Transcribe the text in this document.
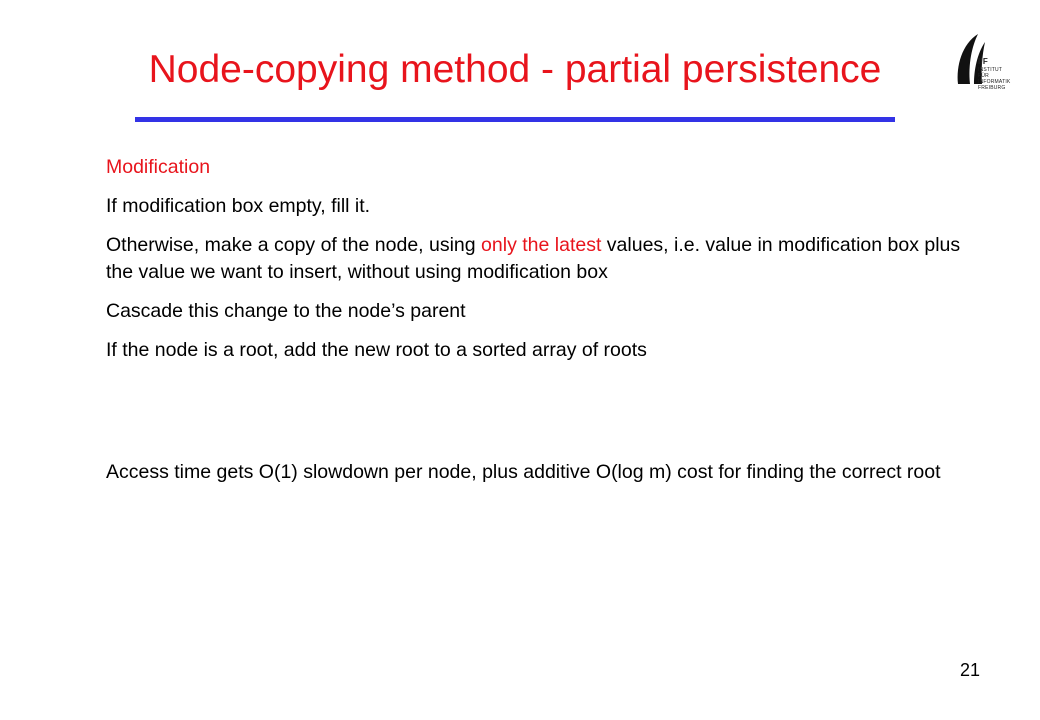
Node-copying method - partial persistence	IIF
INSTITUT FÜR
INFORMATIK
FREIBURG

Modification

If modification box empty, fill it.

Otherwise, make a copy of the node, using only the latest values, i.e. value in modification box plus the value we want to insert, without using modification box

Cascade this change to the node’s parent

If the node is a root, add the new root to a sorted array of roots

Access time gets O(1) slowdown per node, plus additive O(log m) cost for finding the correct root

21
